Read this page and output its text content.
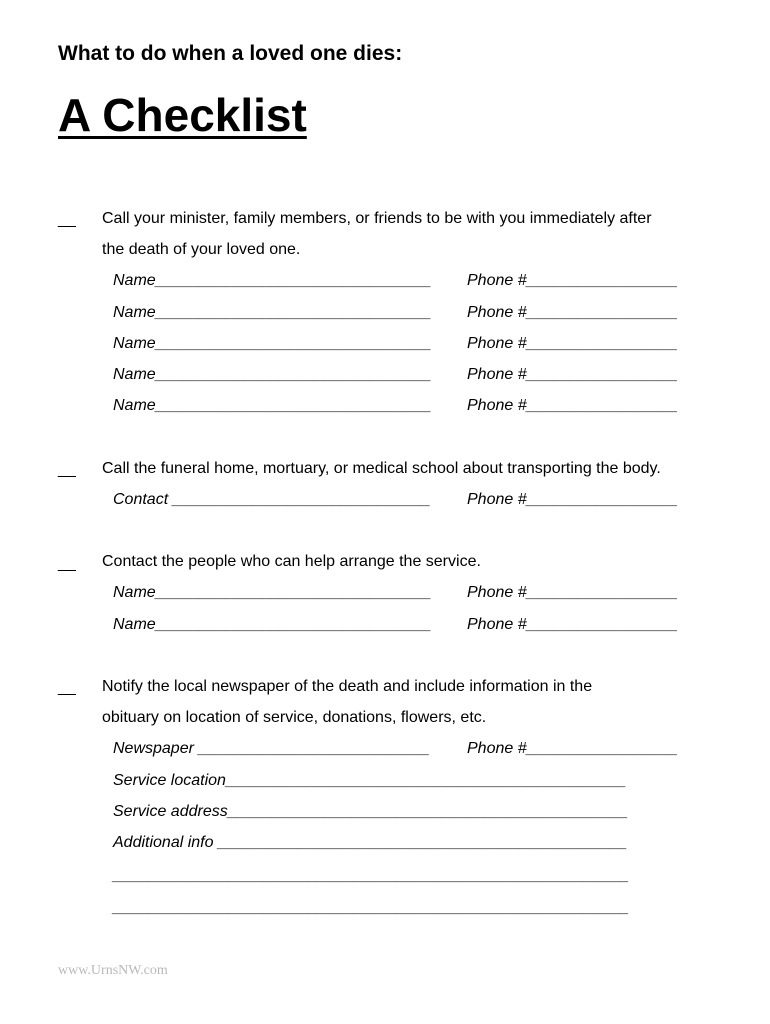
What to do when a loved one dies:
A Checklist
__ Call your minister, family members, or friends to be with you immediately after
the death of your loved one.
Name_______________________________ Phone #_________________
Name_______________________________ Phone #_________________
Name_______________________________ Phone #_________________
Name_______________________________ Phone #_________________
Name_______________________________ Phone #_________________
__ Call the funeral home, mortuary, or medical school about transporting the body.
Contact _____________________________ Phone #_________________
__ Contact the people who can help arrange the service.
Name_______________________________ Phone #_________________
Name_______________________________ Phone #_________________
__ Notify the local newspaper of the death and include information in the
obituary on location of service, donations, flowers, etc.
Newspaper __________________________ Phone #_________________
Service location_____________________________________________
Service address_____________________________________________
Additional info ______________________________________________
__________________________________________________________
__________________________________________________________
www.UrnsNW.com
